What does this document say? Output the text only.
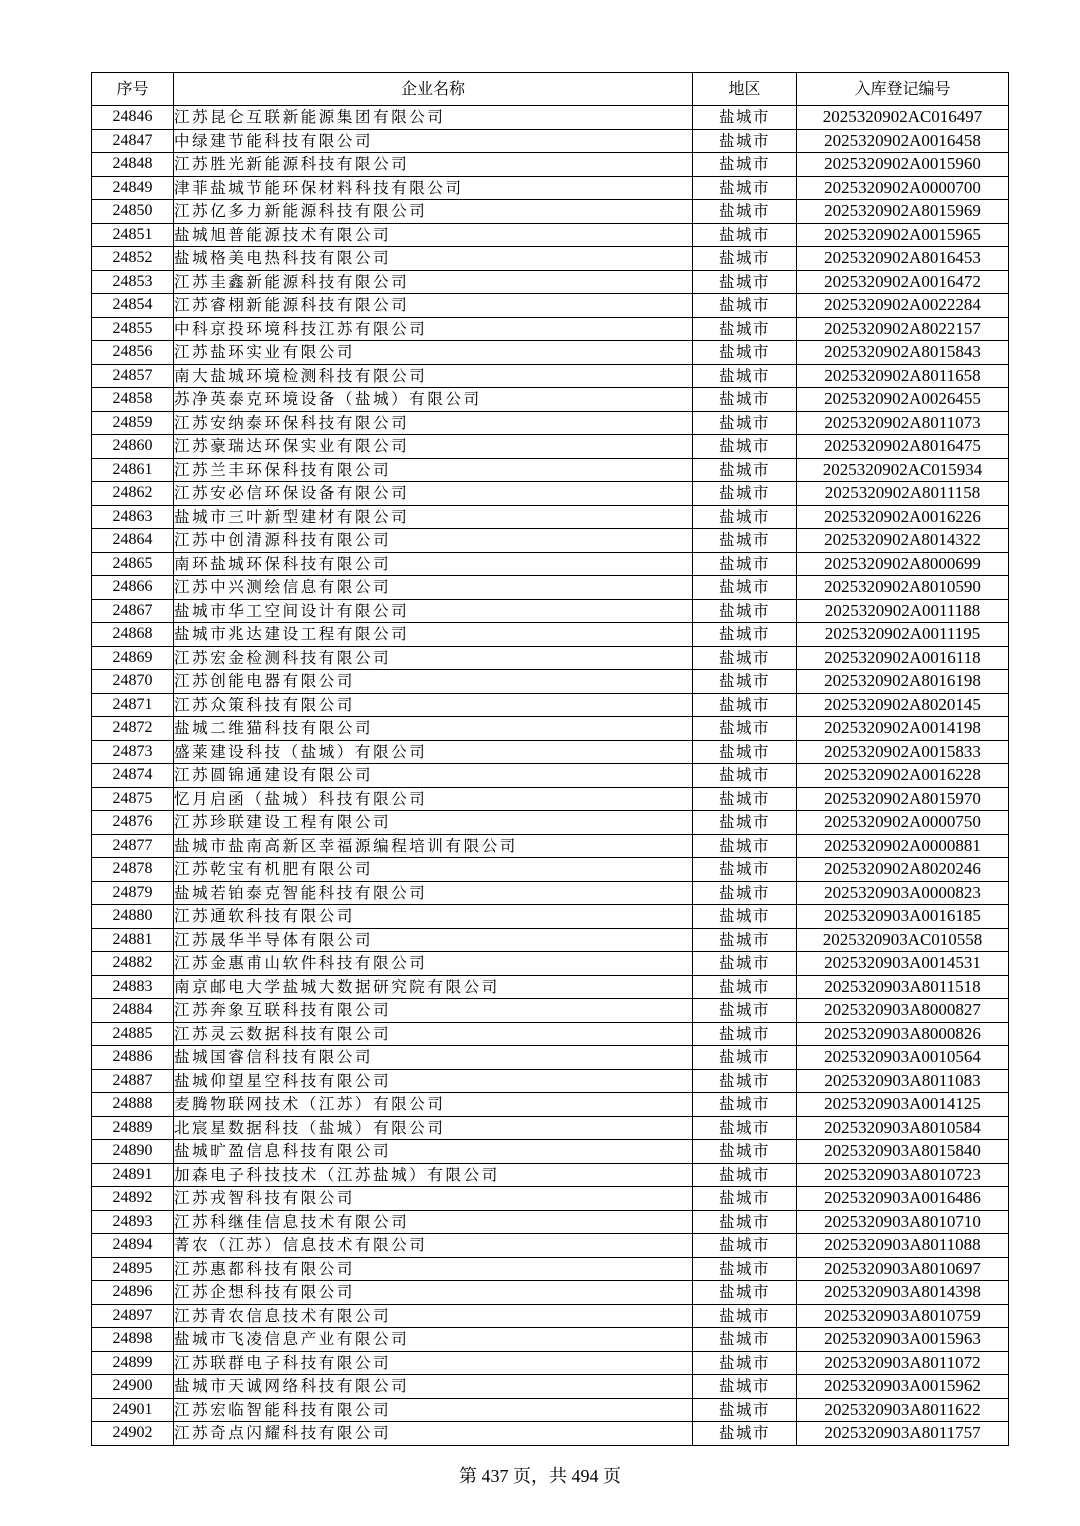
序号	企业名称	地区	入库登记编号
24846	江苏昆仑互联新能源集团有限公司	盐城市	2025320902AC016497
24847	中绿建节能科技有限公司	盐城市	2025320902A0016458
24848	江苏胜光新能源科技有限公司	盐城市	2025320902A0015960
24849	津菲盐城节能环保材料科技有限公司	盐城市	2025320902A0000700
24850	江苏亿多力新能源科技有限公司	盐城市	2025320902A8015969
24851	盐城旭普能源技术有限公司	盐城市	2025320902A0015965
24852	盐城格美电热科技有限公司	盐城市	2025320902A8016453
24853	江苏圭鑫新能源科技有限公司	盐城市	2025320902A0016472
24854	江苏睿栩新能源科技有限公司	盐城市	2025320902A0022284
24855	中科京投环境科技江苏有限公司	盐城市	2025320902A8022157
24856	江苏盐环实业有限公司	盐城市	2025320902A8015843
24857	南大盐城环境检测科技有限公司	盐城市	2025320902A8011658
24858	苏净英泰克环境设备（盐城）有限公司	盐城市	2025320902A0026455
24859	江苏安纳泰环保科技有限公司	盐城市	2025320902A8011073
24860	江苏豪瑞达环保实业有限公司	盐城市	2025320902A8016475
24861	江苏兰丰环保科技有限公司	盐城市	2025320902AC015934
24862	江苏安必信环保设备有限公司	盐城市	2025320902A8011158
24863	盐城市三叶新型建材有限公司	盐城市	2025320902A0016226
24864	江苏中创清源科技有限公司	盐城市	2025320902A8014322
24865	南环盐城环保科技有限公司	盐城市	2025320902A8000699
24866	江苏中兴测绘信息有限公司	盐城市	2025320902A8010590
24867	盐城市华工空间设计有限公司	盐城市	2025320902A0011188
24868	盐城市兆达建设工程有限公司	盐城市	2025320902A0011195
24869	江苏宏金检测科技有限公司	盐城市	2025320902A0016118
24870	江苏创能电器有限公司	盐城市	2025320902A8016198
24871	江苏众策科技有限公司	盐城市	2025320902A8020145
24872	盐城二维猫科技有限公司	盐城市	2025320902A0014198
24873	盛莱建设科技（盐城）有限公司	盐城市	2025320902A0015833
24874	江苏圆锦通建设有限公司	盐城市	2025320902A0016228
24875	忆月启函（盐城）科技有限公司	盐城市	2025320902A8015970
24876	江苏珍联建设工程有限公司	盐城市	2025320902A0000750
24877	盐城市盐南高新区幸福源编程培训有限公司	盐城市	2025320902A0000881
24878	江苏乾宝有机肥有限公司	盐城市	2025320902A8020246
24879	盐城若铂泰克智能科技有限公司	盐城市	2025320903A0000823
24880	江苏通软科技有限公司	盐城市	2025320903A0016185
24881	江苏晟华半导体有限公司	盐城市	2025320903AC010558
24882	江苏金惠甫山软件科技有限公司	盐城市	2025320903A0014531
24883	南京邮电大学盐城大数据研究院有限公司	盐城市	2025320903A8011518
24884	江苏奔象互联科技有限公司	盐城市	2025320903A8000827
24885	江苏灵云数据科技有限公司	盐城市	2025320903A8000826
24886	盐城国睿信科技有限公司	盐城市	2025320903A0010564
24887	盐城仰望星空科技有限公司	盐城市	2025320903A8011083
24888	麦腾物联网技术（江苏）有限公司	盐城市	2025320903A0014125
24889	北宸星数据科技（盐城）有限公司	盐城市	2025320903A8010584
24890	盐城旷盈信息科技有限公司	盐城市	2025320903A8015840
24891	加森电子科技技术（江苏盐城）有限公司	盐城市	2025320903A8010723
24892	江苏戎智科技有限公司	盐城市	2025320903A0016486
24893	江苏科继佳信息技术有限公司	盐城市	2025320903A8010710
24894	菁农（江苏）信息技术有限公司	盐城市	2025320903A8011088
24895	江苏惠都科技有限公司	盐城市	2025320903A8010697
24896	江苏企想科技有限公司	盐城市	2025320903A8014398
24897	江苏青农信息技术有限公司	盐城市	2025320903A8010759
24898	盐城市飞凌信息产业有限公司	盐城市	2025320903A0015963
24899	江苏联群电子科技有限公司	盐城市	2025320903A8011072
24900	盐城市天诚网络科技有限公司	盐城市	2025320903A0015962
24901	江苏宏临智能科技有限公司	盐城市	2025320903A8011622
24902	江苏奇点闪耀科技有限公司	盐城市	2025320903A8011757
第 437 页，共 494 页
